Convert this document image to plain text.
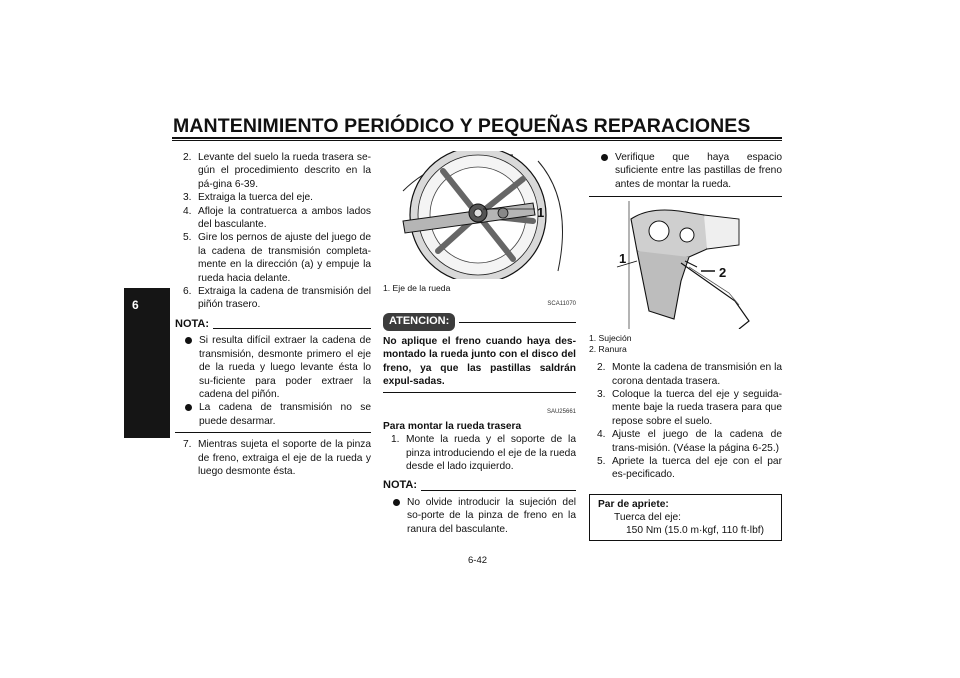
MANTENIMIENTO PERIÓDICO Y PEQUEÑAS REPARACIONES
6
2. Levante del suelo la rueda trasera se-gún el procedimiento descrito en la pá-gina 6-39.
3. Extraiga la tuerca del eje.
4. Afloje la contratuerca a ambos lados del basculante.
5. Gire los pernos de ajuste del juego de la cadena de transmisión completa-mente en la dirección (a) y empuje la rueda hacia delante.
6. Extraiga la cadena de transmisión del piñón trasero.
NOTA:
Si resulta difícil extraer la cadena de transmisión, desmonte primero el eje de la rueda y luego levante ésta lo su-ficiente para poder extraer la cadena del piñón.
La cadena de transmisión no se puede desarmar.
7. Mientras sujeta el soporte de la pinza de freno, extraiga el eje de la rueda y luego desmonte ésta.
1
1. Eje de la rueda
SCA11070
ATENCION:
No aplique el freno cuando haya des-montado la rueda junto con el disco del freno, ya que las pastillas saldrán expul-sadas.
SAU25661
Para montar la rueda trasera
1. Monte la rueda y el soporte de la pinza introduciendo el eje de la rueda desde el lado izquierdo.
NOTA:
No olvide introducir la sujeción del so-porte de la pinza de freno en la ranura del basculante.
Verifique que haya espacio suficiente entre las pastillas de freno antes de montar la rueda.
1
2
1. Sujeción
2. Ranura
2. Monte la cadena de transmisión en la corona dentada trasera.
3. Coloque la tuerca del eje y seguida-mente baje la rueda trasera para que repose sobre el suelo.
4. Ajuste el juego de la cadena de trans-misión. (Véase la página 6-25.)
5. Apriete la tuerca del eje con el par es-pecificado.
Par de apriete:
Tuerca del eje:
150 Nm (15.0 m·kgf, 110 ft·lbf)
6-42
